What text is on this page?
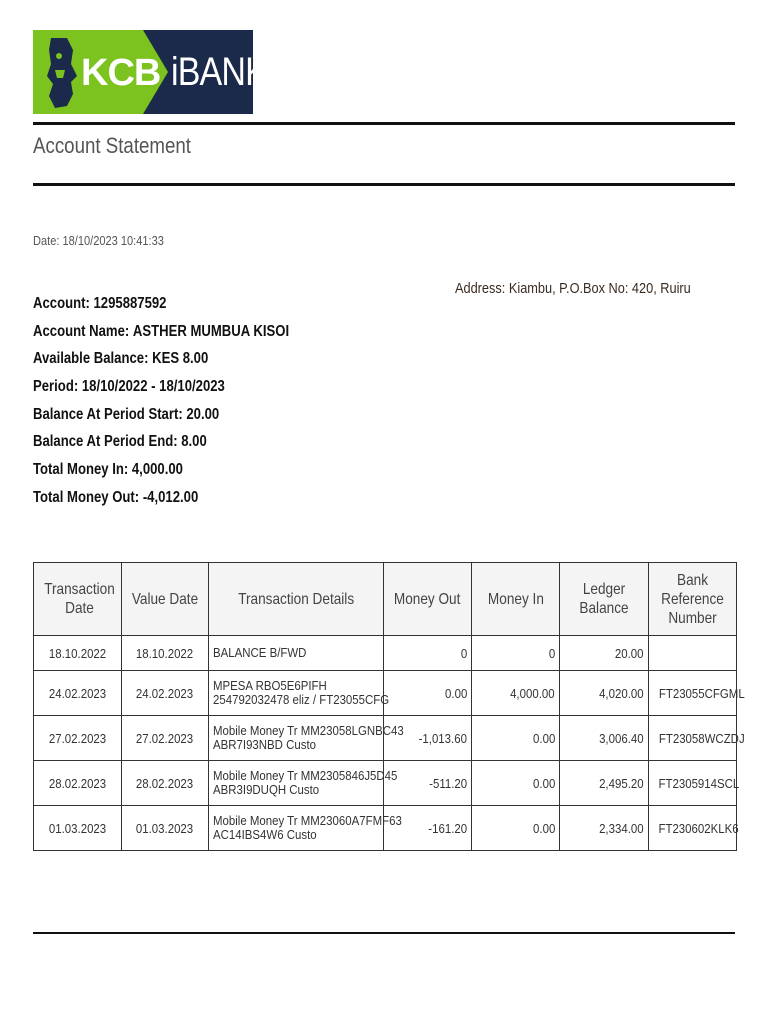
KCB iBANK
Account Statement
Date: 18/10/2023 10:41:33
Address: Kiambu, P.O.Box No: 420, Ruiru
Account: 1295887592
Account Name: ASTHER MUMBUA KISOI
Available Balance: KES 8.00
Period: 18/10/2022 - 18/10/2023
Balance At Period Start: 20.00
Balance At Period End: 8.00
Total Money In: 4,000.00
Total Money Out: -4,012.00
Transaction Date	Value Date	Transaction Details	Money Out	Money In	Ledger Balance	Bank Reference Number
18.10.2022	18.10.2022	BALANCE B/FWD	0	0	20.00	
24.02.2023	24.02.2023	MPESA RBO5E6PIFH
254792032478 eliz / FT23055CFG	0.00	4,000.00	4,020.00	FT23055CFGML
27.02.2023	27.02.2023	Mobile Money Tr MM23058LGNBC43
ABR7I93NBD Custo	-1,013.60	0.00	3,006.40	FT23058WCZDJ
28.02.2023	28.02.2023	Mobile Money Tr MM2305846J5D45
ABR3I9DUQH Custo	-511.20	0.00	2,495.20	FT2305914SCL
01.03.2023	01.03.2023	Mobile Money Tr MM23060A7FMF63
AC14IBS4W6 Custo	-161.20	0.00	2,334.00	FT230602KLK6
